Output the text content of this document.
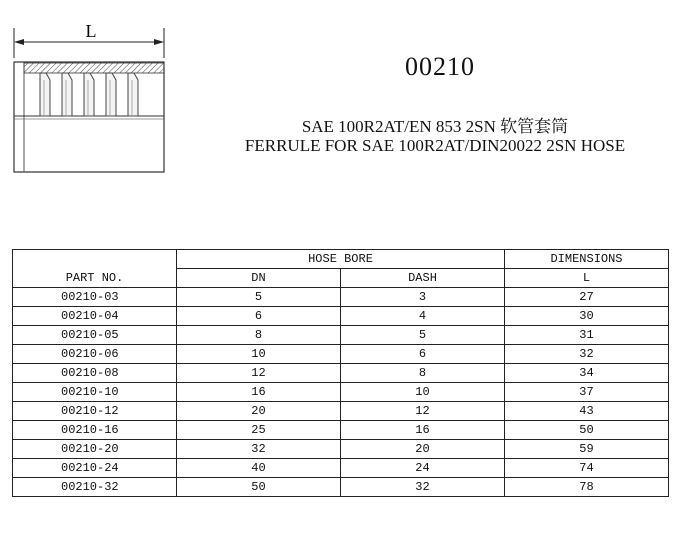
L
00210
SAE 100R2AT/EN 853 2SN 软管套筒
FERRULE FOR SAE 100R2AT/DIN20022 2SN HOSE
	HOSE BORE		DIMENSIONS
PART NO.	DN	DASH	L
00210-03	5	3	27
00210-04	6	4	30
00210-05	8	5	31
00210-06	10	6	32
00210-08	12	8	34
00210-10	16	10	37
00210-12	20	12	43
00210-16	25	16	50
00210-20	32	20	59
00210-24	40	24	74
00210-32	50	32	78
